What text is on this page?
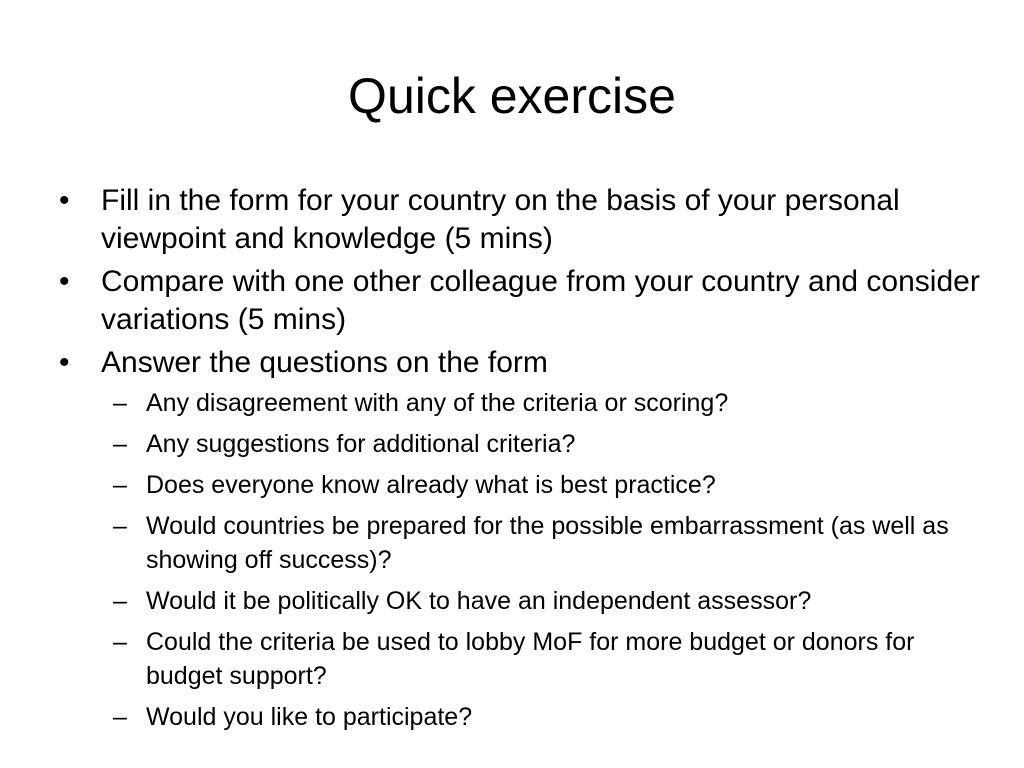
Quick exercise
•	Fill in the form for your country on the basis of your personal viewpoint and knowledge (5 mins)
•	Compare with one other colleague from your country and consider variations (5 mins)
•	Answer the questions on the form
– Any disagreement with any of the criteria or scoring?
– Any suggestions for additional criteria?
– Does everyone know already what is best practice?
– Would countries be prepared for the possible embarrassment (as well as showing off success)?
– Would it be politically OK to have an independent assessor?
– Could the criteria be used to lobby MoF for more budget or donors for budget support?
– Would you like to participate?
